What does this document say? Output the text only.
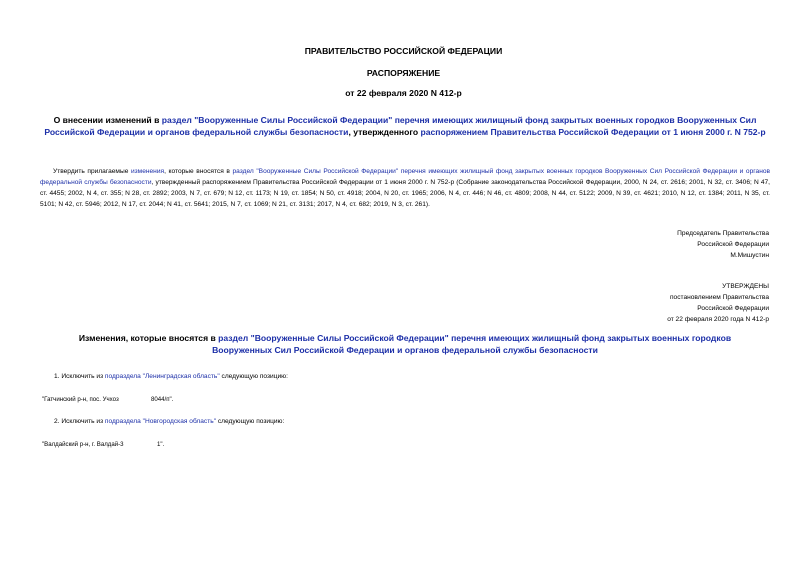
ПРАВИТЕЛЬСТВО РОССИЙСКОЙ ФЕДЕРАЦИИ
РАСПОРЯЖЕНИЕ
от 22 февраля 2020 N 412-р
О внесении изменений в раздел "Вооруженные Силы Российской Федерации" перечня имеющих жилищный фонд закрытых военных городков Вооруженных Сил Российской Федерации и органов федеральной службы безопасности, утвержденного распоряжением Правительства Российской Федерации от 1 июня 2000 г. N 752-р
Утвердить прилагаемые изменения, которые вносятся в раздел "Вооруженные Силы Российской Федерации" перечня имеющих жилищный фонд закрытых военных городков Вооруженных Сил Российской Федерации и органов федеральной службы безопасности, утвержденный распоряжением Правительства Российской Федерации от 1 июня 2000 г. N 752-р (Собрание законодательства Российской Федерации, 2000, N 24, ст. 2616; 2001, N 32, ст. 3406; N 47, ст. 4455; 2002, N 4, ст. 355; N 28, ст. 2892; 2003, N 7, ст. 679; N 12, ст. 1173; N 19, ст. 1854; N 50, ст. 4918; 2004, N 20, ст. 1965; 2006, N 4, ст. 446; N 46, ст. 4809; 2008, N 44, ст. 5122; 2009, N 39, ст. 4621; 2010, N 12, ст. 1384; 2011, N 35, ст. 5101; N 42, ст. 5946; 2012, N 17, ст. 2044; N 41, ст. 5641; 2015, N 7, ст. 1069; N 21, ст. 3131; 2017, N 4, ст. 682; 2019, N 3, ст. 261).
Председатель Правительства
Российской Федерации
М.Мишустин
УТВЕРЖДЕНЫ
постановлением Правительства
Российской Федерации
от 22 февраля 2020 года N 412-р
Изменения, которые вносятся в раздел "Вооруженные Силы Российской Федерации" перечня имеющих жилищный фонд закрытых военных городков Вооруженных Сил Российской Федерации и органов федеральной службы безопасности
1. Исключить из подраздела "Ленинградская область" следующую позицию:
"Гатчинский р-н, пос. Учхоз	8044/п".
2. Исключить из подраздела "Новгородская область" следующую позицию:
"Валдайский р-н, г. Валдай-3	1".
